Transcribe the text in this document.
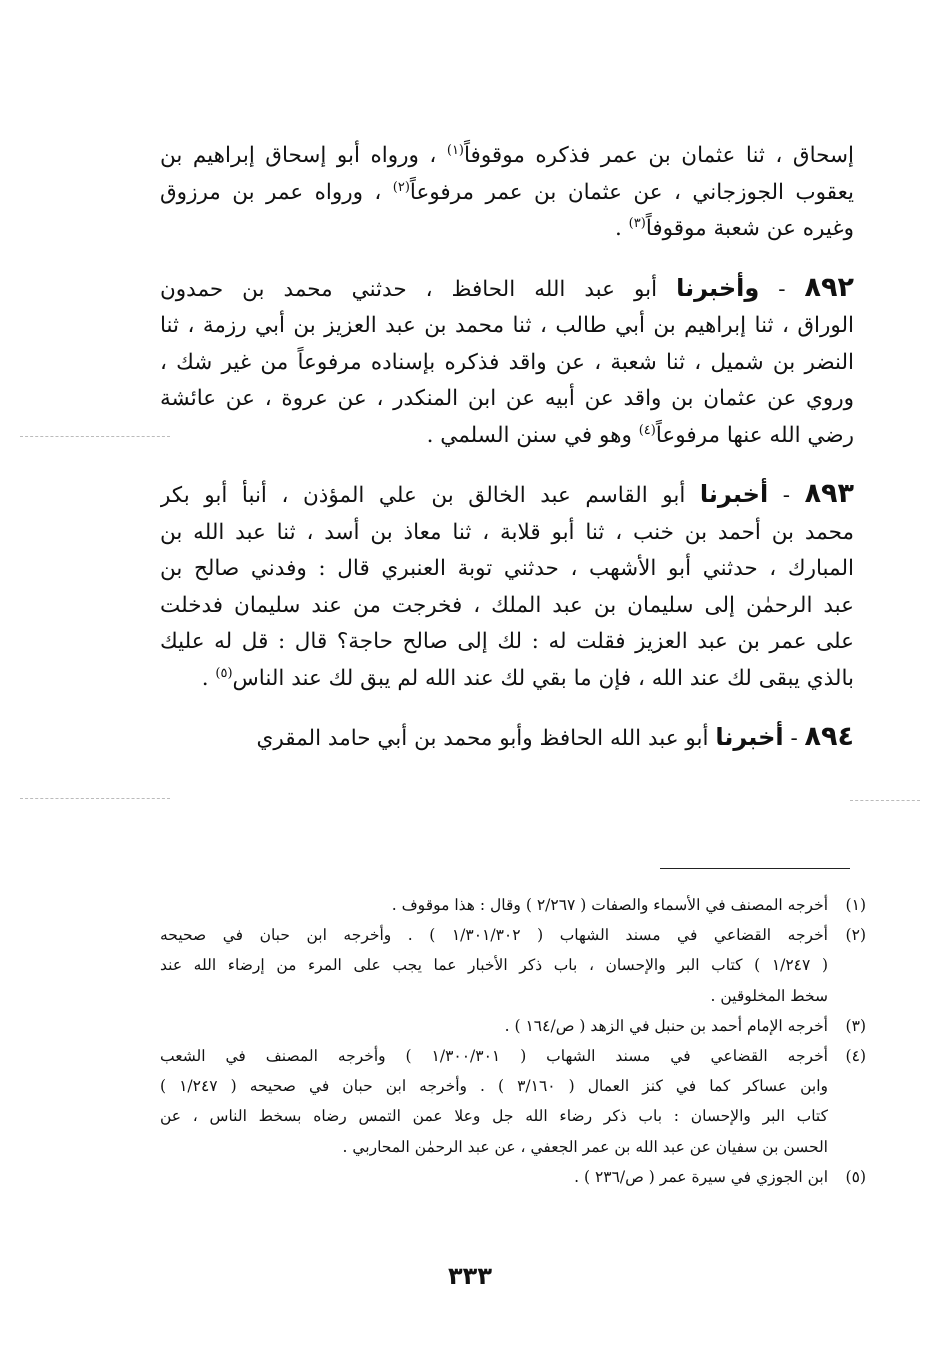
إسحاق ، ثنا عثمان بن عمر فذكره موقوفاً$^{(١)}$ ، ورواه أبو إسحاق إبراهيم بن
يعقوب الجوزجاني ، عن عثمان بن عمر مرفوعاً$^{(٢)}$ ، ورواه عمر بن مرزوق
وغيره عن شعبة موقوفاً$^{(٣)}$ .
٨٩٢ - وأخبرنا أبو عبد الله الحافظ ، حدثني محمد بن حمدون
الوراق ، ثنا إبراهيم بن أبي طالب ، ثنا محمد بن عبد العزيز بن أبي رزمة ، ثنا
النضر بن شميل ، ثنا شعبة ، عن واقد فذكره بإسناده مرفوعاً من غير شك ،
وروي عن عثمان بن واقد عن أبيه عن ابن المنكدر ، عن عروة ، عن عائشة
رضي الله عنها مرفوعاً$^{(٤)}$ وهو في سنن السلمي .
٨٩٣ - أخبرنا أبو القاسم عبد الخالق بن علي المؤذن ، أنبأ أبو بكر
محمد بن أحمد بن خنب ، ثنا أبو قلابة ، ثنا معاذ بن أسد ، ثنا عبد الله بن
المبارك ، حدثني أبو الأشهب ، حدثني توبة العنبري قال : وفدني صالح بن
عبد الرحمٰن إلى سليمان بن عبد الملك ، فخرجت من عند سليمان فدخلت
على عمر بن عبد العزيز فقلت له : لك إلى صالح حاجة؟ قال : قل له عليك
بالذي يبقى لك عند الله ، فإن ما بقي لك عند الله لم يبق لك عند الناس$^{(٥)}$ .
٨٩٤ - أخبرنا أبو عبد الله الحافظ وأبو محمد بن أبي حامد المقري
(١)
أخرجه المصنف في الأسماء والصفات ( ٢/٢٦٧ ) وقال : هذا موقوف .
(٢)
أخرجه القضاعي في مسند الشهاب ( ١/٣٠١/٣٠٢ ) . وأخرجه ابن حبان في صحيحه
( ١/٢٤٧ ) كتاب البر والإحسان ، باب ذكر الأخبار عما يجب على المرء من إرضاء الله عند
سخط المخلوقين .
(٣)
أخرجه الإمام أحمد بن حنبل في الزهد ( ص/١٦٤ ) .
(٤)
أخرجه القضاعي في مسند الشهاب ( ١/٣٠٠/٣٠١ ) وأخرجه المصنف في الشعب
وابن عساكر كما في كنز العمال ( ٣/١٦٠ ) . وأخرجه ابن حبان في صحيحه ( ١/٢٤٧ )
كتاب البر والإحسان : باب ذكر رضاء الله جل وعلا عمن التمس رضاه بسخط الناس ، عن
الحسن بن سفيان عن عبد الله بن عمر الجعفي ، عن عبد الرحمٰن المحاربي .
(٥)
ابن الجوزي في سيرة عمر ( ص/٢٣٦ ) .
٣٣٣
